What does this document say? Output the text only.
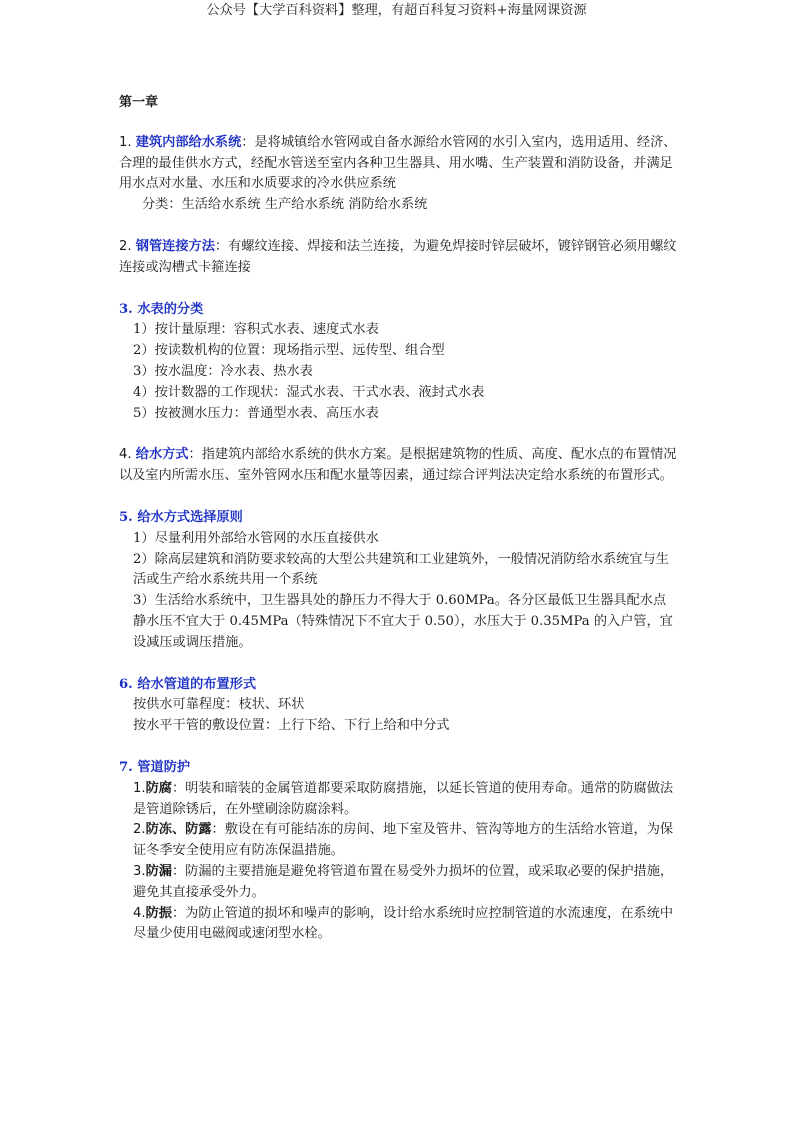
公众号【大学百科资料】整理，有超百科复习资料+海量网课资源

第一章

1. 建筑内部给水系统：是将城镇给水管网或自备水源给水管网的水引入室内，选用适用、经济、合理的最佳供水方式，经配水管送至室内各种卫生器具、用水嘴、生产装置和消防设备，并满足用水点对水量、水压和水质要求的冷水供应系统

分类：生活给水系统 生产给水系统 消防给水系统

2. 钢管连接方法：有螺纹连接、焊接和法兰连接，为避免焊接时锌层破坏，镀锌钢管必须用螺纹连接或沟槽式卡箍连接

3. 水表的分类

1）按计量原理：容积式水表、速度式水表

2）按读数机构的位置：现场指示型、远传型、组合型

3）按水温度：冷水表、热水表

4）按计数器的工作现状：湿式水表、干式水表、液封式水表

5）按被测水压力：普通型水表、高压水表

4. 给水方式：指建筑内部给水系统的供水方案。是根据建筑物的性质、高度、配水点的布置情况以及室内所需水压、室外管网水压和配水量等因素，通过综合评判法决定给水系统的布置形式。

5. 给水方式选择原则

1）尽量利用外部给水管网的水压直接供水

2）除高层建筑和消防要求较高的大型公共建筑和工业建筑外，一般情况消防给水系统宜与生活或生产给水系统共用一个系统

3）生活给水系统中，卫生器具处的静压力不得大于 0.60MPa。各分区最低卫生器具配水点静水压不宜大于 0.45MPa（特殊情况下不宜大于 0.50），水压大于 0.35MPa 的入户管，宜设减压或调压措施。

6. 给水管道的布置形式

按供水可靠程度：枝状、环状

按水平干管的敷设位置：上行下给、下行上给和中分式

7. 管道防护

1.防腐：明装和暗装的金属管道都要采取防腐措施，以延长管道的使用寿命。通常的防腐做法是管道除锈后，在外壁刷涂防腐涂料。

2.防冻、防露：敷设在有可能结冻的房间、地下室及管井、管沟等地方的生活给水管道，为保证冬季安全使用应有防冻保温措施。

3.防漏：防漏的主要措施是避免将管道布置在易受外力损坏的位置，或采取必要的保护措施，避免其直接承受外力。

4.防振：为防止管道的损坏和噪声的影响，设计给水系统时应控制管道的水流速度，在系统中尽量少使用电磁阀或速闭型水栓。
